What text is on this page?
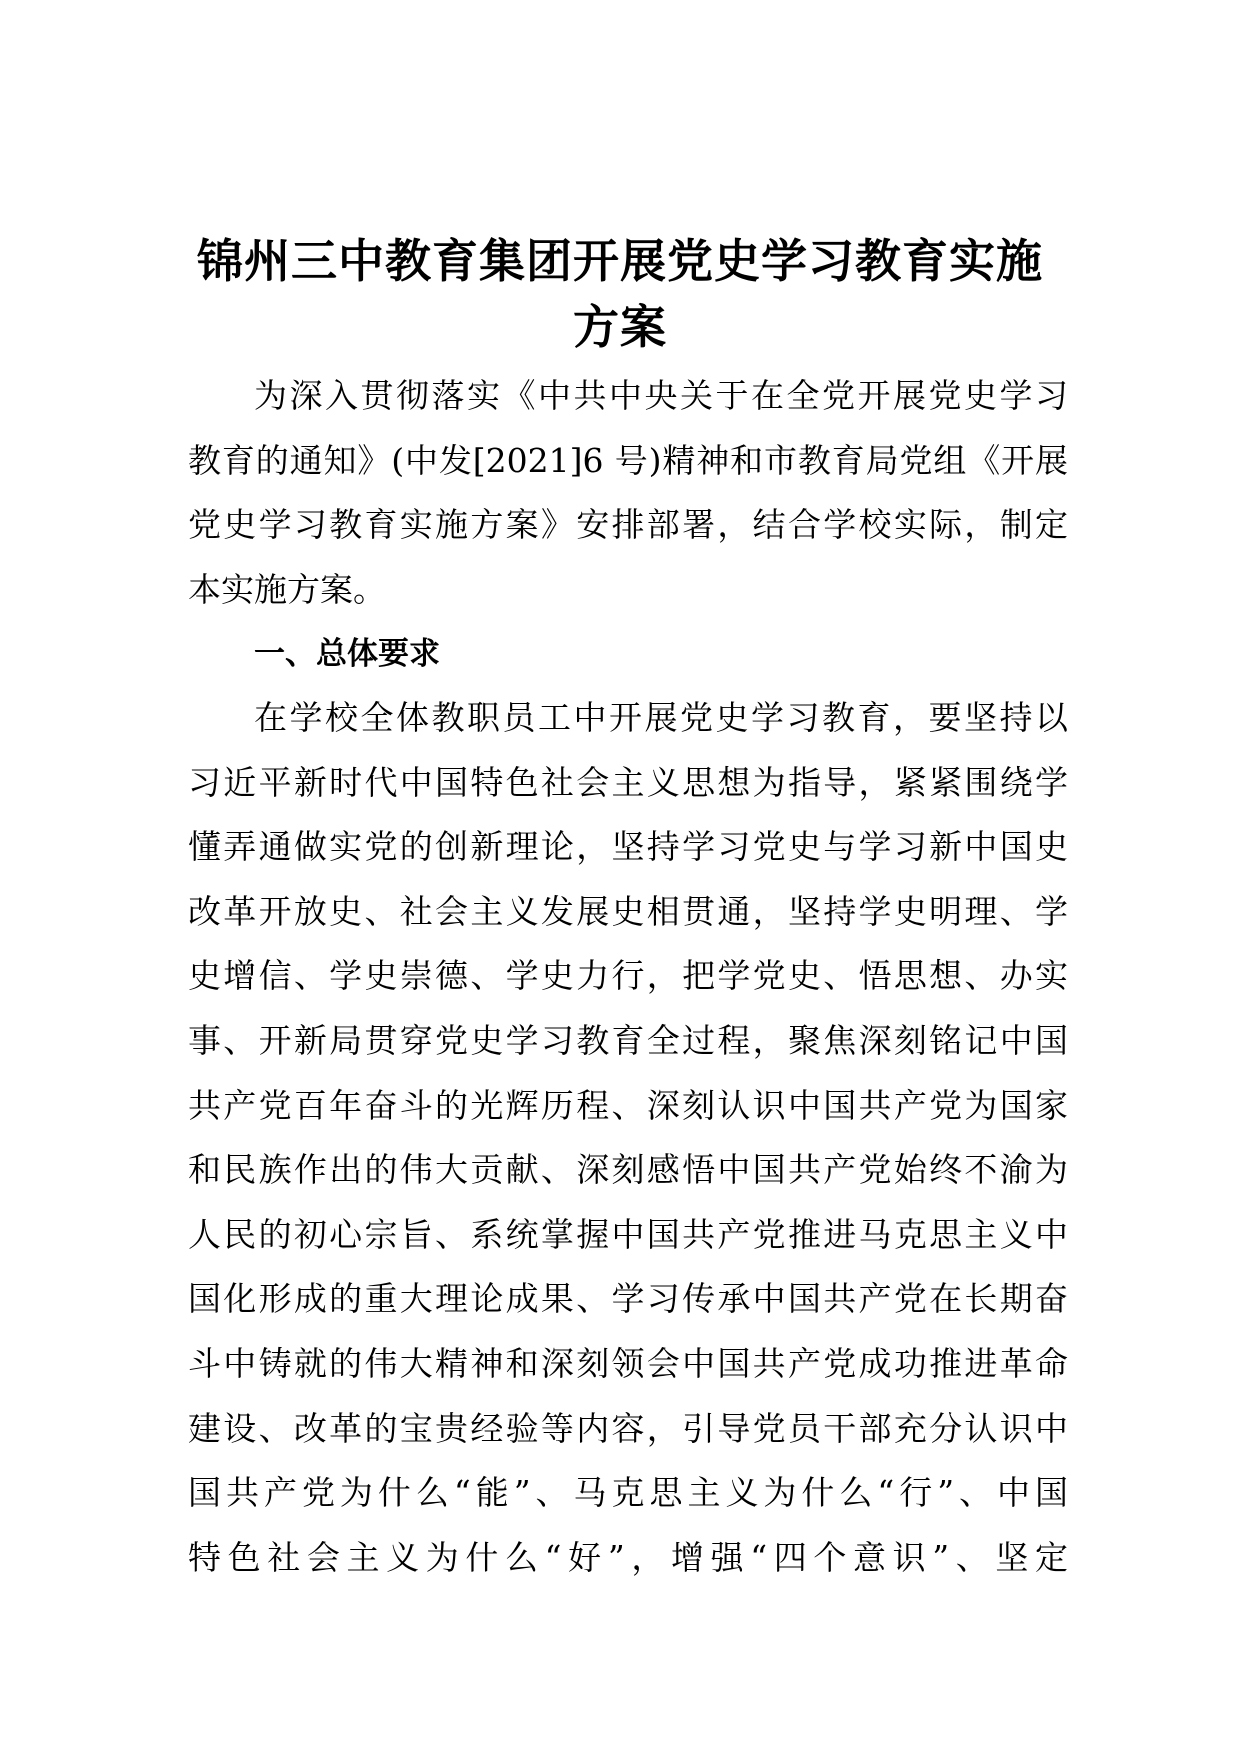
锦州三中教育集团开展党史学习教育实施
方案
为深入贯彻落实《中共中央关于在全党开展党史学习
教育的通知》(中发[2021]6 号)精神和市教育局党组《开展
党史学习教育实施方案》安排部署，结合学校实际，制定
本实施方案。
一、总体要求
在学校全体教职员工中开展党史学习教育，要坚持以
习近平新时代中国特色社会主义思想为指导，紧紧围绕学
懂弄通做实党的创新理论，坚持学习党史与学习新中国史
改革开放史、社会主义发展史相贯通，坚持学史明理、学
史增信、学史崇德、学史力行，把学党史、悟思想、办实
事、开新局贯穿党史学习教育全过程，聚焦深刻铭记中国
共产党百年奋斗的光辉历程、深刻认识中国共产党为国家
和民族作出的伟大贡献、深刻感悟中国共产党始终不渝为
人民的初心宗旨、系统掌握中国共产党推进马克思主义中
国化形成的重大理论成果、学习传承中国共产党在长期奋
斗中铸就的伟大精神和深刻领会中国共产党成功推进革命
建设、改革的宝贵经验等内容，引导党员干部充分认识中
国共产党为什么“能”、马克思主义为什么“行”、中国
特色社会主义为什么“好”，增强“四个意识”、坚定
